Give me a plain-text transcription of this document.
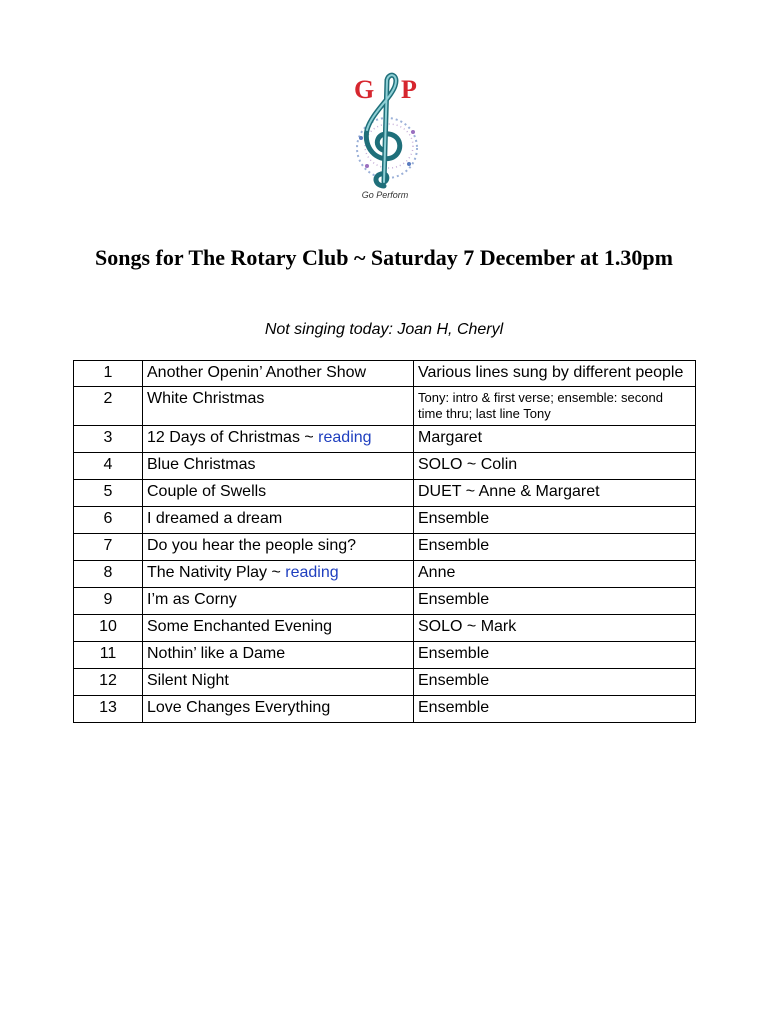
G P
Go Perform
Songs for The Rotary Club ~ Saturday 7 December at 1.30pm
Not singing today: Joan H, Cheryl
1	Another Openin’ Another Show	Various lines sung by different people
2	White Christmas	Tony: intro & first verse; ensemble: second time thru; last line Tony
3	12 Days of Christmas ~ reading	Margaret
4	Blue Christmas	SOLO ~ Colin
5	Couple of Swells	DUET ~ Anne & Margaret
6	I dreamed a dream	Ensemble
7	Do you hear the people sing?	Ensemble
8	The Nativity Play ~ reading	Anne
9	I’m as Corny	Ensemble
10	Some Enchanted Evening	SOLO ~ Mark
11	Nothin’ like a Dame	Ensemble
12	Silent Night	Ensemble
13	Love Changes Everything	Ensemble
